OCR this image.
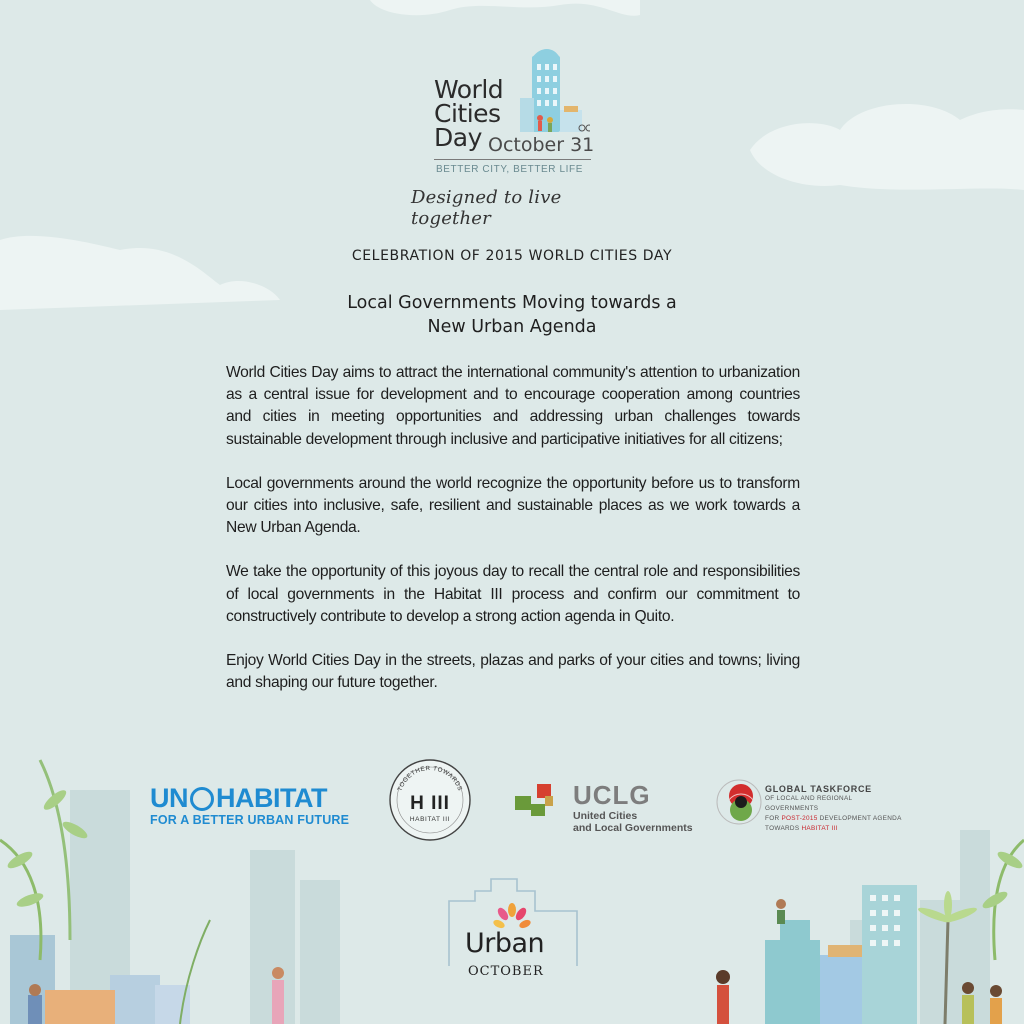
World
Cities
Day October 31
BETTER CITY, BETTER LIFE
Designed to live together
CELEBRATION OF 2015 WORLD CITIES DAY
Local Governments Moving towards a
New Urban Agenda

World Cities Day aims to attract the international community's attention to urbanization as a central issue for development and to encourage cooperation among countries and cities in meeting opportunities and addressing urban challenges towards sustainable development through inclusive and participative initiatives for all citizens;

Local governments around the world recognize the opportunity before us to transform our cities into inclusive, safe, resilient and sustainable places as we work towards a New Urban Agenda.

We take the opportunity of this joyous day to recall the central role and responsibilities of local governments in the Habitat III process and confirm our commitment to constructively contribute to develop a strong action agenda in Quito.

Enjoy World Cities Day in the streets, plazas and parks of your cities and towns; living and shaping our future together.

UN HABITAT
FOR A BETTER URBAN FUTURE
TOGETHER TOWARDS
H III
HABITAT III
UCLG
United Cities
and Local Governments
GLOBAL TASKFORCE
OF LOCAL AND REGIONAL GOVERNMENTS
FOR POST-2015 DEVELOPMENT AGENDA
TOWARDS HABITAT III
Urban
OCTOBER
